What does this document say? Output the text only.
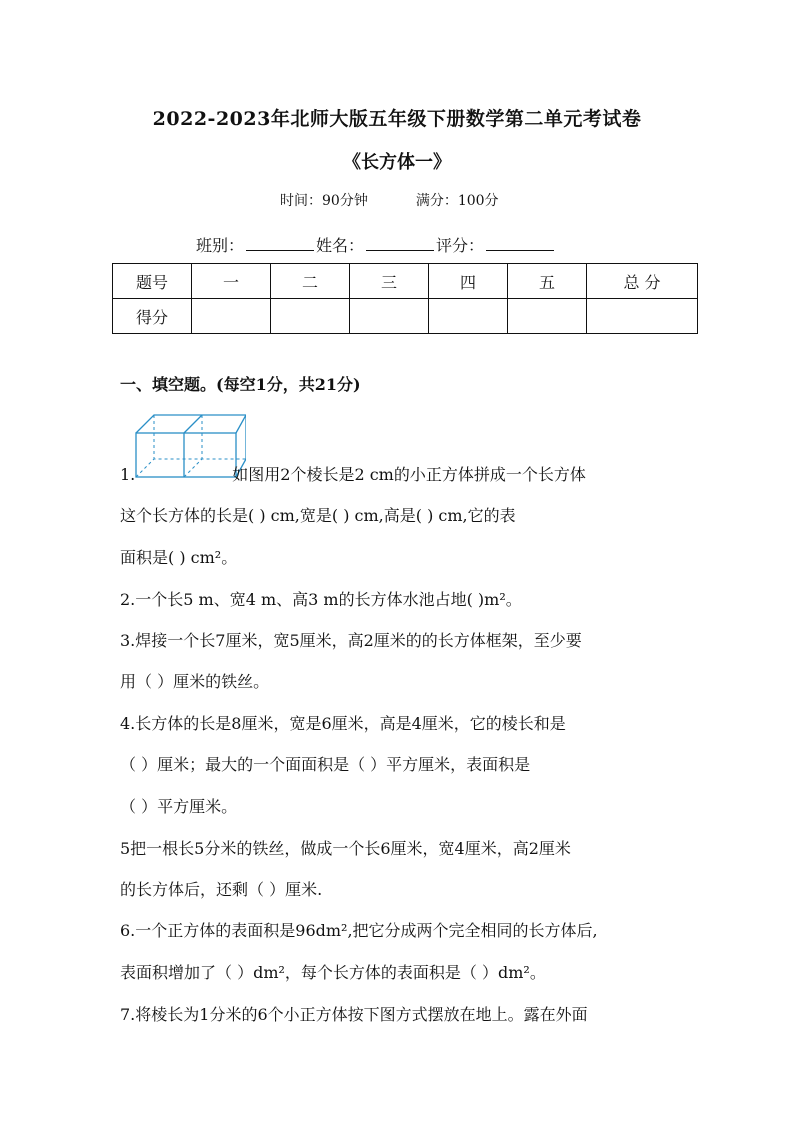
2022-2023年北师大版五年级下册数学第二单元考试卷
《长方体一》
时间：90分钟	满分：100分
班别：	姓名：	评分：
题号	一	二	三	四	五	总 分
得分						
一、填空题。(每空1分，共21分)
1.	如图用2个棱长是2 cm的小正方体拼成一个长方体
这个长方体的长是( ) cm,宽是( ) cm,高是( ) cm,它的表
面积是( ) cm²。
2.一个长5 m、宽4 m、高3 m的长方体水池占地( )m²。
3.焊接一个长7厘米，宽5厘米，高2厘米的的长方体框架，至少要
用（ ）厘米的铁丝。
4.长方体的长是8厘米，宽是6厘米，高是4厘米，它的棱长和是
（ ）厘米；最大的一个面面积是（ ）平方厘米，表面积是
（ ）平方厘米。
5把一根长5分米的铁丝，做成一个长6厘米，宽4厘米，高2厘米
的长方体后，还剩（ ）厘米.
6.一个正方体的表面积是96dm²,把它分成两个完全相同的长方体后,
表面积增加了（ ）dm²，每个长方体的表面积是（ ）dm²。
7.将棱长为1分米的6个小正方体按下图方式摆放在地上。露在外面
